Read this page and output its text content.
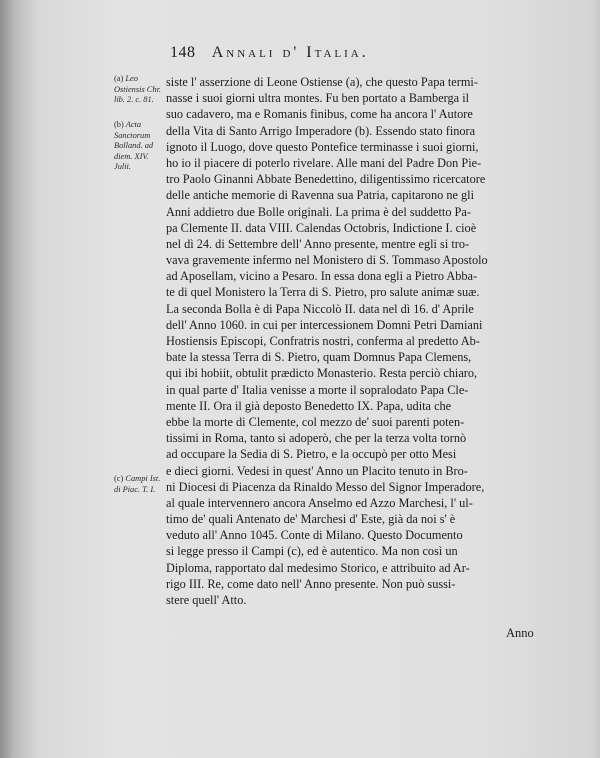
148 Annali d' Italia.
(a) Leo Ostiensis Chr. lib. 2. c. 81.
(b) Acta Sanctorum Bolland. ad diem. XIV. Julii.
(c) Campi Ist. di Piac. T. I.
siste l' asserzione di Leone Ostiense (a), che questo Papa termi-
nasse i suoi giorni ultra montes. Fu ben portato a Bamberga il
suo cadavero, ma e Romanis finibus, come ha ancora l' Autore
della Vita di Santo Arrigo Imperadore (b). Essendo stato finora
ignoto il Luogo, dove questo Pontefice terminasse i suoi giorni,
ho io il piacere di poterlo rivelare. Alle mani del Padre Don Pie-
tro Paolo Ginanni Abbate Benedettino, diligentissimo ricercatore
delle antiche memorie di Ravenna sua Patria, capitarono ne gli
Anni addietro due Bolle originali. La prima è del suddetto Pa-
pa Clemente II. data VIII. Calendas Octobris, Indictione I. cioè
nel dì 24. di Settembre dell' Anno presente, mentre egli si tro-
vava gravemente infermo nel Monistero di S. Tommaso Apostolo
ad Aposellam, vicino a Pesaro. In essa dona egli a Pietro Abba-
te di quel Monistero la Terra di S. Pietro, pro salute animæ suæ.
La seconda Bolla è di Papa Niccolò II. data nel dì 16. d' Aprile
dell' Anno 1060. in cui per intercessionem Domni Petri Damiani
Hostiensis Episcopi, Confratris nostri, conferma al predetto Ab-
bate la stessa Terra di S. Pietro, quam Domnus Papa Clemens,
qui ibi hobiit, obtulit prædicto Monasterio. Resta perciò chiaro,
in qual parte d' Italia venisse a morte il sopralodato Papa Cle-
mente II. Ora il già deposto Benedetto IX. Papa, udita che
ebbe la morte di Clemente, col mezzo de' suoi parenti poten-
tissimi in Roma, tanto si adoperò, che per la terza volta tornò
ad occupare la Sedia di S. Pietro, e la occupò per otto Mesi
e dieci giorni. Vedesi in quest' Anno un Placito tenuto in Bro-
ni Diocesi di Piacenza da Rinaldo Messo del Signor Imperadore,
al quale intervennero ancora Anselmo ed Azzo Marchesi, l' ul-
timo de' quali Antenato de' Marchesi d' Este, già da noi s' è
veduto all' Anno 1045. Conte di Milano. Questo Documento
si legge presso il Campi (c), ed è autentico. Ma non così un
Diploma, rapportato dal medesimo Storico, e attribuito ad Ar-
rigo III. Re, come dato nell' Anno presente. Non può sussi-
stere quell' Atto.
Anno
